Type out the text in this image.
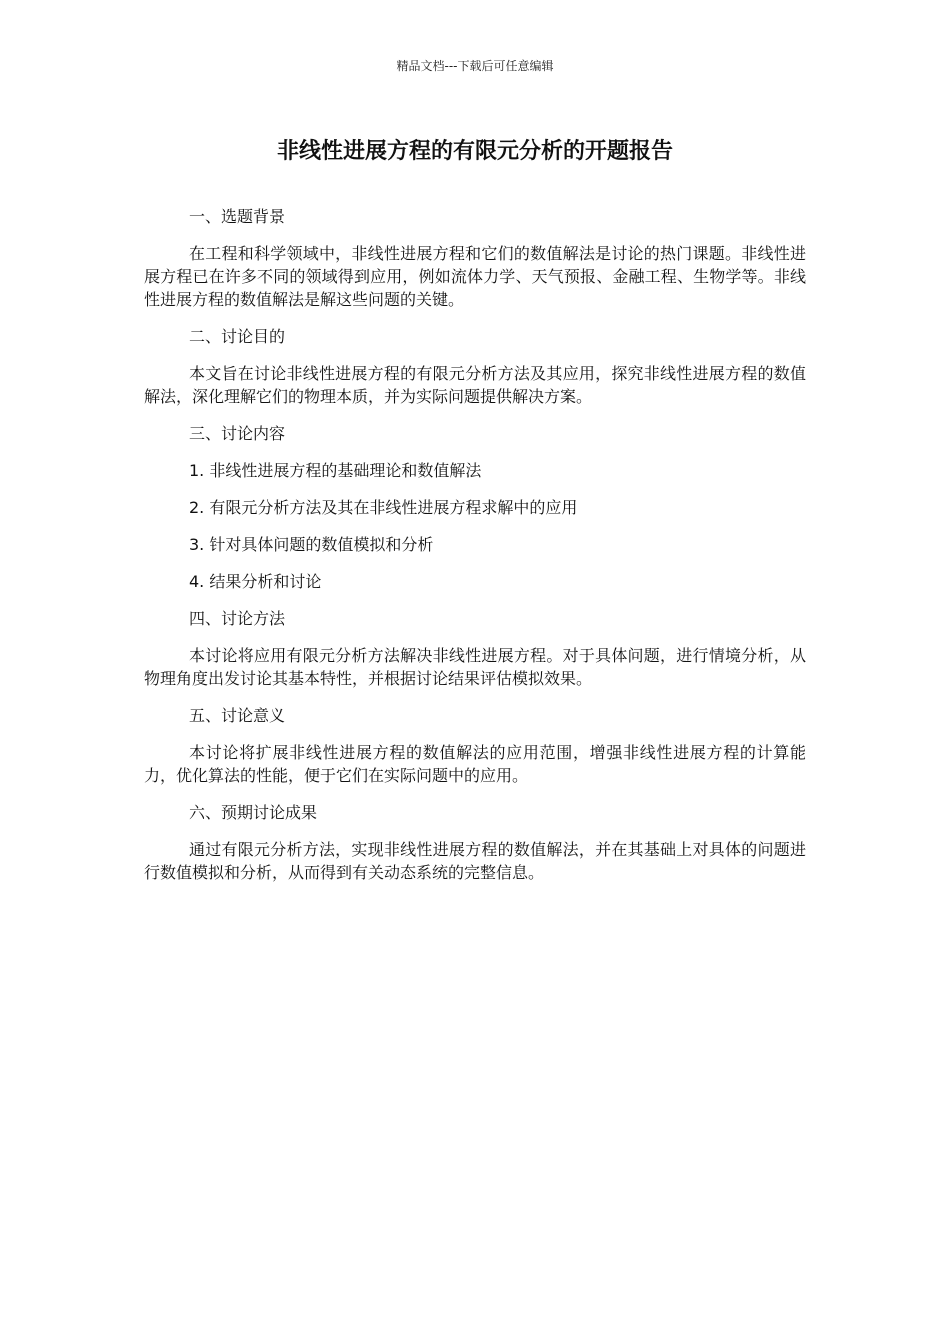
精品文档---下载后可任意编辑
非线性进展方程的有限元分析的开题报告

一、选题背景

在工程和科学领域中，非线性进展方程和它们的数值解法是讨论的热门课题。非线性进展方程已在许多不同的领域得到应用，例如流体力学、天气预报、金融工程、生物学等。非线性进展方程的数值解法是解这些问题的关键。

二、讨论目的

本文旨在讨论非线性进展方程的有限元分析方法及其应用，探究非线性进展方程的数值解法，深化理解它们的物理本质，并为实际问题提供解决方案。

三、讨论内容

1. 非线性进展方程的基础理论和数值解法

2. 有限元分析方法及其在非线性进展方程求解中的应用

3. 针对具体问题的数值模拟和分析

4. 结果分析和讨论

四、讨论方法

本讨论将应用有限元分析方法解决非线性进展方程。对于具体问题，进行情境分析，从物理角度出发讨论其基本特性，并根据讨论结果评估模拟效果。

五、讨论意义

本讨论将扩展非线性进展方程的数值解法的应用范围，增强非线性进展方程的计算能力，优化算法的性能，便于它们在实际问题中的应用。

六、预期讨论成果

通过有限元分析方法，实现非线性进展方程的数值解法，并在其基础上对具体的问题进行数值模拟和分析，从而得到有关动态系统的完整信息。
